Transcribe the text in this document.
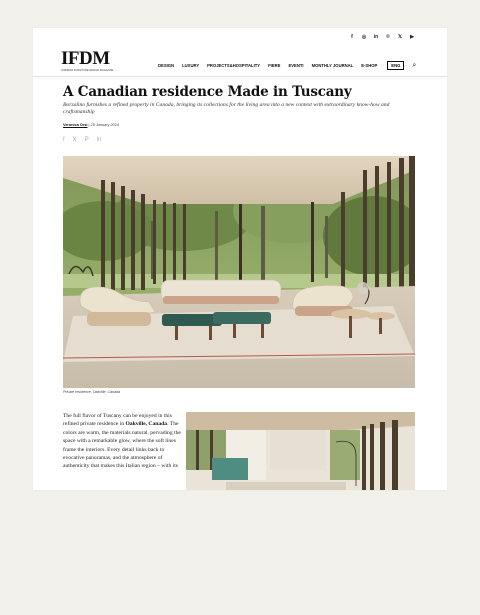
f	◎ in ℗ 𝕏 ▶
IFDM
INTERIOR FURNITURE DESIGN MAGAZINE
DESIGN LUXURY PROJECTS&HOSPITALITY FIERE EVENTI MONTHLY JOURNAL E-SHOP	ENG	⌕
A Canadian residence Made in Tuscany

Borzalino furnishes a refined property in Canada, bringing its collections for the living area into a new context with extraordinary know-how and craftsmanship

Veronica Orsi | 29 January 2024
f X P in
Private residence, Oakville, Canada

The full flavor of Tuscany can be enjoyed in this refined private residence in Oakville, Canada. The colors are warm, the materials natural, pervading the space with a remarkable glow, where the soft lines frame the interiors. Every detail links back to evocative panoramas, and the atmosphere of authenticity that makes this Italian region – with its
